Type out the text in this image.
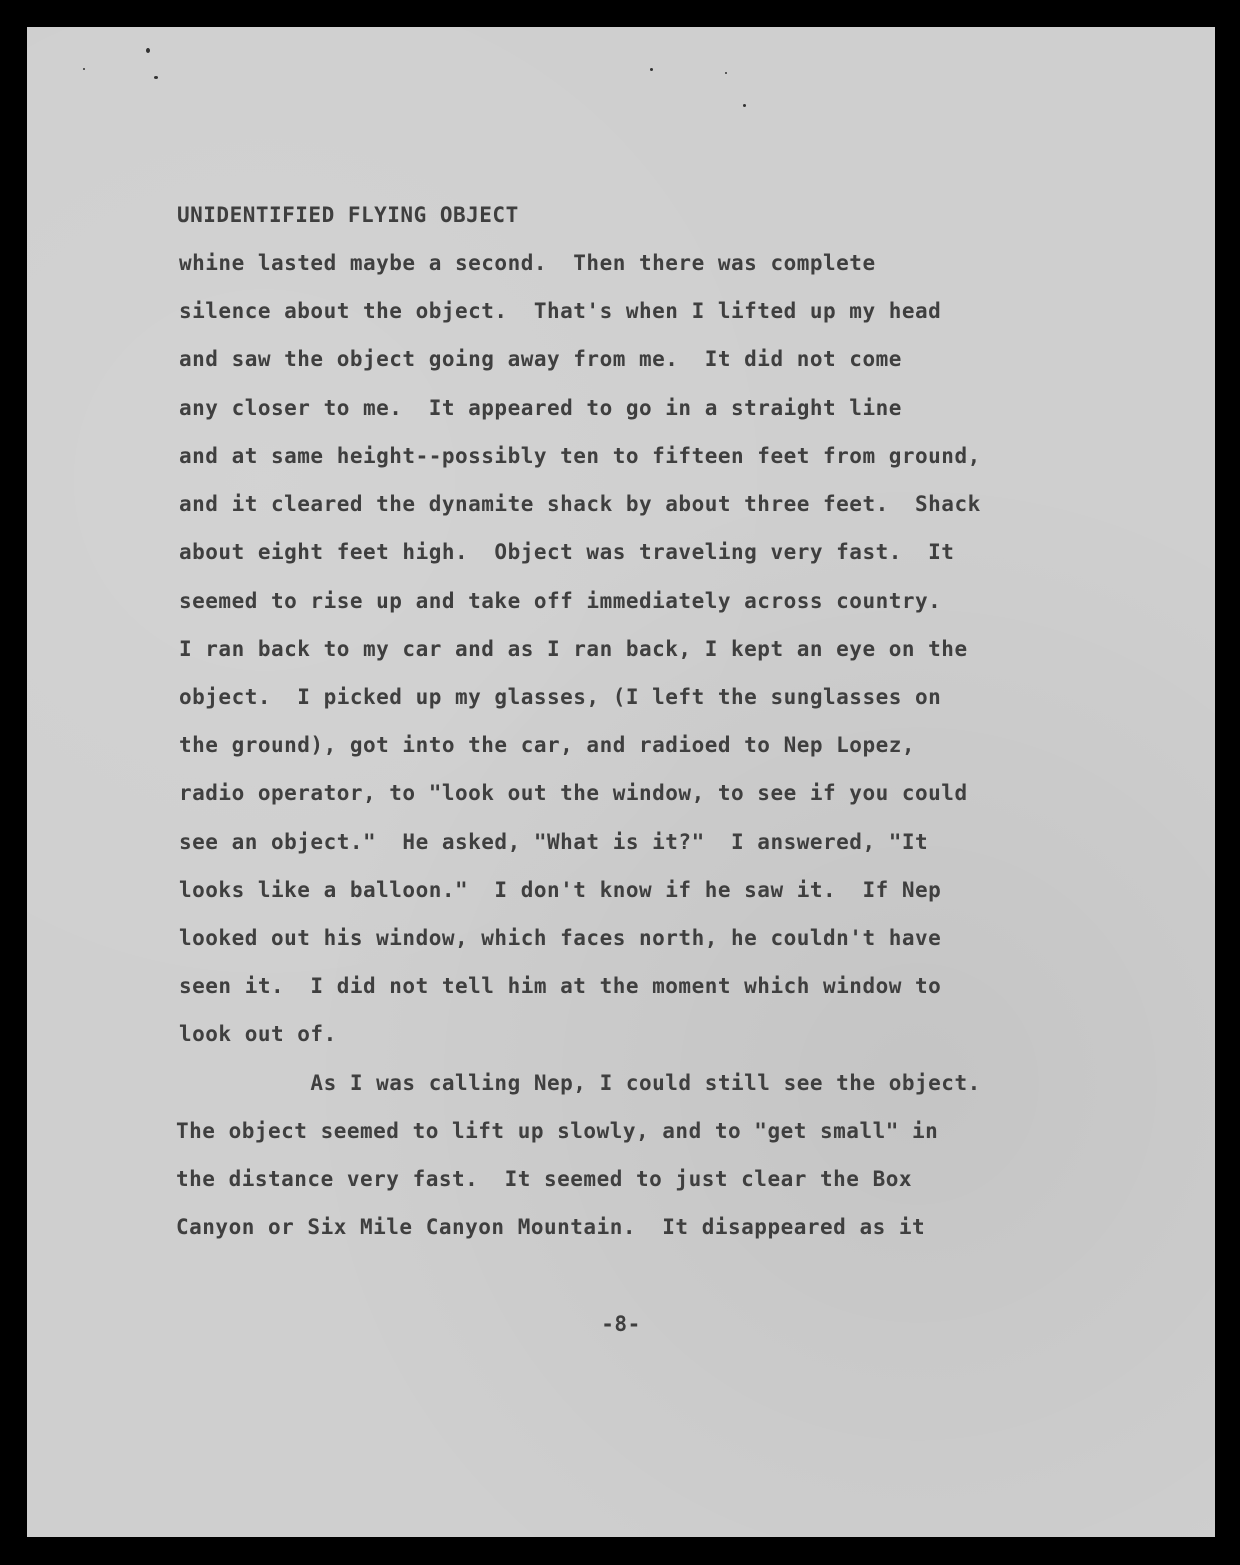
UNIDENTIFIED FLYING OBJECT
whine lasted maybe a second.  Then there was complete
silence about the object.  That's when I lifted up my head
and saw the object going away from me.  It did not come
any closer to me.  It appeared to go in a straight line
and at same height--possibly ten to fifteen feet from ground,
and it cleared the dynamite shack by about three feet.  Shack
about eight feet high.  Object was traveling very fast.  It
seemed to rise up and take off immediately across country.
I ran back to my car and as I ran back, I kept an eye on the
object.  I picked up my glasses, (I left the sunglasses on
the ground), got into the car, and radioed to Nep Lopez,
radio operator, to "look out the window, to see if you could
see an object."  He asked, "What is it?"  I answered, "It
looks like a balloon."  I don't know if he saw it.  If Nep
looked out his window, which faces north, he couldn't have
seen it.  I did not tell him at the moment which window to
look out of.
As I was calling Nep, I could still see the object.
The object seemed to lift up slowly, and to "get small" in
the distance very fast.  It seemed to just clear the Box
Canyon or Six Mile Canyon Mountain.  It disappeared as it
-8-
